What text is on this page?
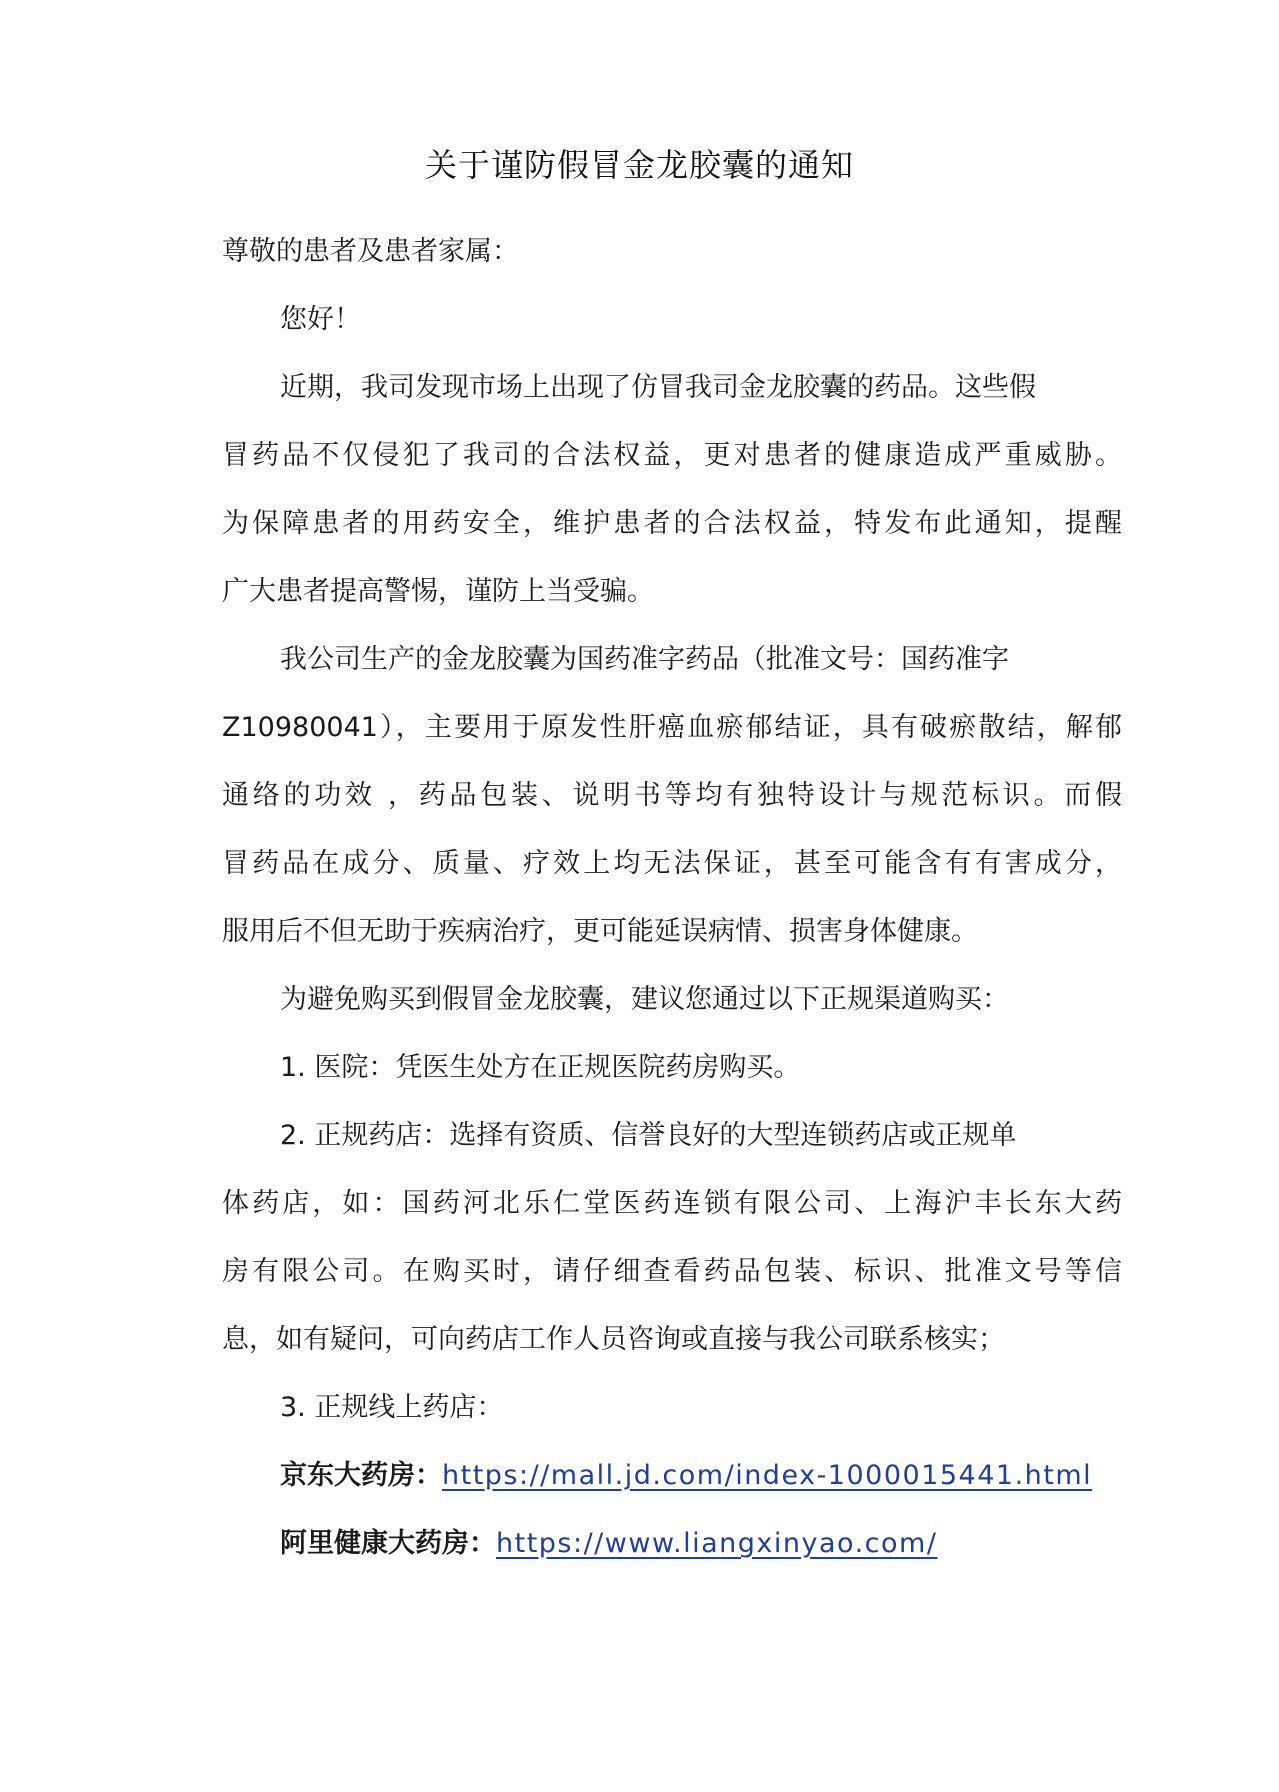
关于谨防假冒金龙胶囊的通知
尊敬的患者及患者家属：
您好！
近期，我司发现市场上出现了仿冒我司金龙胶囊的药品。这些假
冒药品不仅侵犯了我司的合法权益，更对患者的健康造成严重威胁。
为保障患者的用药安全，维护患者的合法权益，特发布此通知，提醒
广大患者提高警惕，谨防上当受骗。
我公司生产的金龙胶囊为国药准字药品（批准文号：国药准字
Z10980041），主要用于原发性肝癌血瘀郁结证，具有破瘀散结，解郁
通络的功效 ，药品包装、说明书等均有独特设计与规范标识。而假
冒药品在成分、质量、疗效上均无法保证，甚至可能含有有害成分，
服用后不但无助于疾病治疗，更可能延误病情、损害身体健康。
为避免购买到假冒金龙胶囊，建议您通过以下正规渠道购买：
1. 医院：凭医生处方在正规医院药房购买。
2. 正规药店：选择有资质、信誉良好的大型连锁药店或正规单
体药店，如：国药河北乐仁堂医药连锁有限公司、上海沪丰长东大药
房有限公司。在购买时，请仔细查看药品包装、标识、批准文号等信
息，如有疑问，可向药店工作人员咨询或直接与我公司联系核实；
3. 正规线上药店：
京东大药房：https://mall.jd.com/index-1000015441.html
阿里健康大药房：https://www.liangxinyao.com/
